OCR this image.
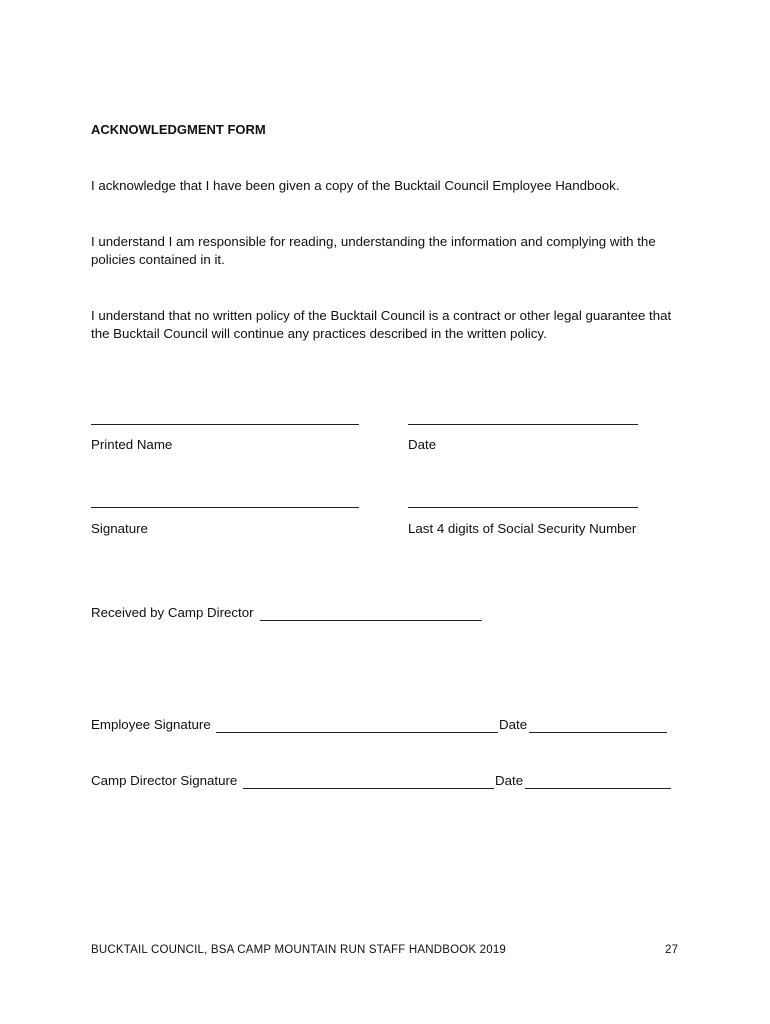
ACKNOWLEDGMENT FORM
I acknowledge that I have been given a copy of the Bucktail Council Employee Handbook.
I understand I am responsible for reading, understanding the information and complying with the policies contained in it.
I understand that no written policy of the Bucktail Council is a contract or other legal guarantee that the Bucktail Council will continue any practices described in the written policy.
Printed Name	Date
Signature	Last 4 digits of Social Security Number
Received by Camp Director
Employee Signature	Date
Camp Director Signature	Date
BUCKTAIL COUNCIL, BSA CAMP MOUNTAIN RUN STAFF HANDBOOK 2019	27
